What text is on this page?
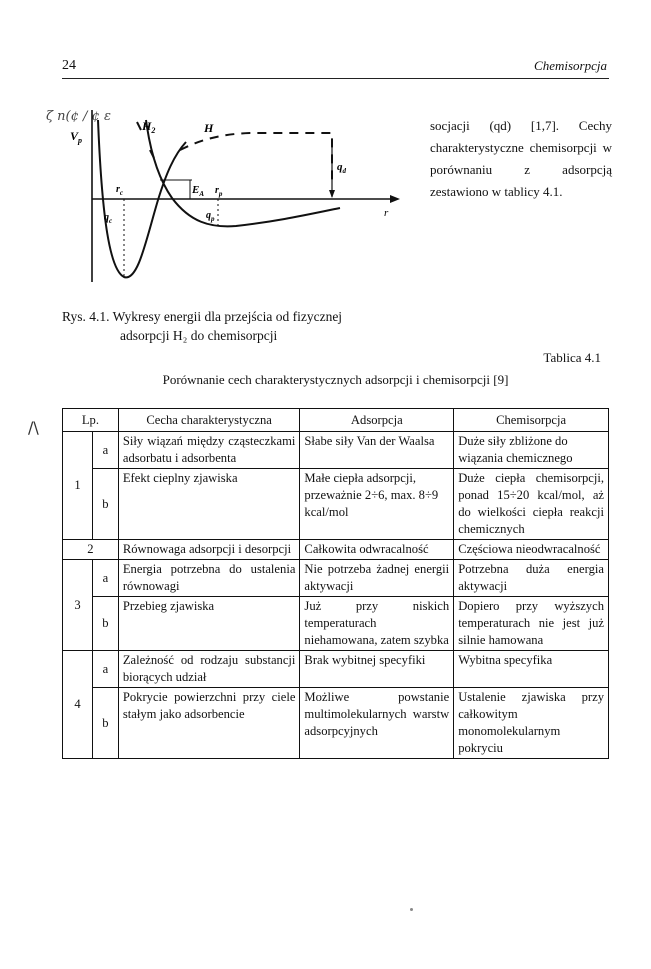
24	Chemisorpcja
ζ n(¢ / ¢ ε
$V_p$
$H_2$	H
$q_d$
$r_c$	$E_A$ $r_p$
$q_c$	$q_p$	r
socjacji (qd) [1,7]. Cechy charakterystyczne chemisorpcji w porównaniu z adsorpcją zestawiono w tablicy 4.1.
Rys. 4.1. Wykresy energii dla przejścia od fizycznej
adsorpcji H₂ do chemisorpcji
Tablica 4.1
Porównanie cech charakterystycznych adsorpcji i chemisorpcji [9]
/\	Lp.		Cecha charakterystyczna	Adsorpcja	Chemisorpcja
1	a	Siły wiązań między cząsteczkami adsorbatu i adsorbenta	Słabe siły Van der Waalsa	Duże siły zbliżone do wiązania chemicznego
	b	Efekt cieplny zjawiska	Małe ciepła adsorpcji, przeważnie 2÷6, max. 8÷9 kcal/mol	Duże ciepła chemisorpcji, ponad 15÷20 kcal/mol, aż do wielkości ciepła reakcji chemicznych
2		Równowaga adsorpcji i desorpcji	Całkowita odwracalność	Częściowa nieodwracalność
3	a	Energia potrzebna do ustalenia równowagi	Nie potrzeba żadnej energii aktywacji	Potrzebna duża energia aktywacji
	b	Przebieg zjawiska	Już przy niskich temperaturach niehamowana, zatem szybka	Dopiero przy wyższych temperaturach nie jest już silnie hamowana
4	a	Zależność od rodzaju substancji biorących udział	Brak wybitnej specyfiki	Wybitna specyfika
	b	Pokrycie powierzchni przy ciele stałym jako adsorbencie	Możliwe powstanie multimolekularnych warstw adsorpcyjnych	Ustalenie zjawiska przy całkowitym monomolekularnym pokryciu
